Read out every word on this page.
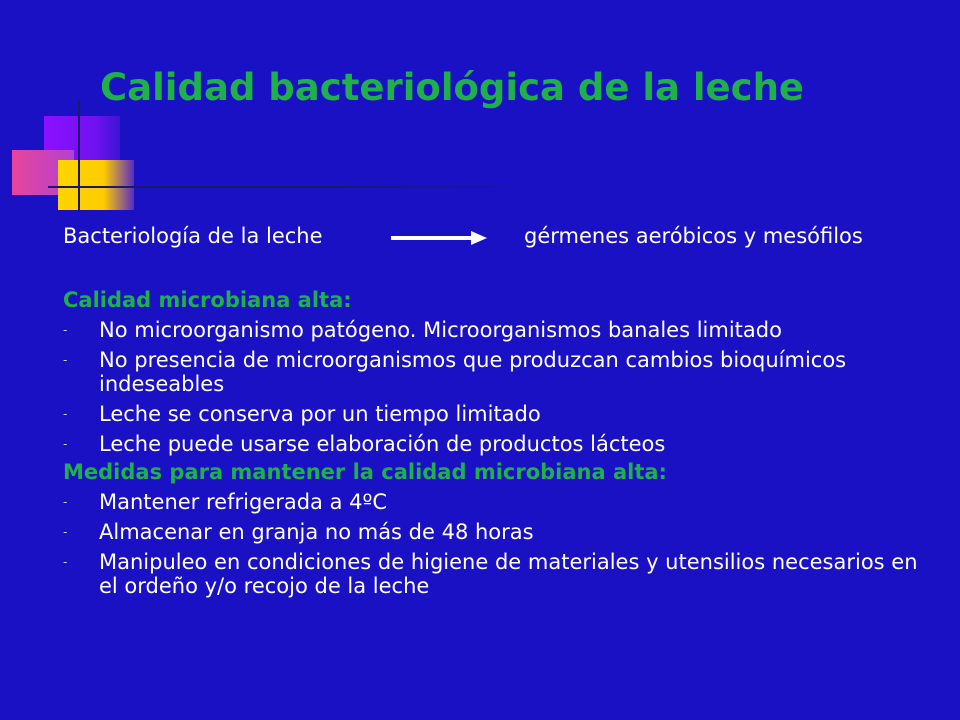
Calidad bacteriológica de la leche
Bacteriología de la leche	gérmenes aeróbicos y mesófilos
Calidad microbiana alta:
- No microorganismo patógeno. Microorganismos banales limitado
- No presencia de microorganismos que produzcan cambios bioquímicos indeseables
- Leche se conserva por un tiempo limitado
- Leche puede usarse elaboración de productos lácteos
Medidas para mantener la calidad microbiana alta:
- Mantener refrigerada a 4ºC
- Almacenar en granja no más de 48 horas
- Manipuleo en condiciones de higiene de materiales y utensilios necesarios en el ordeño y/o recojo de la leche
